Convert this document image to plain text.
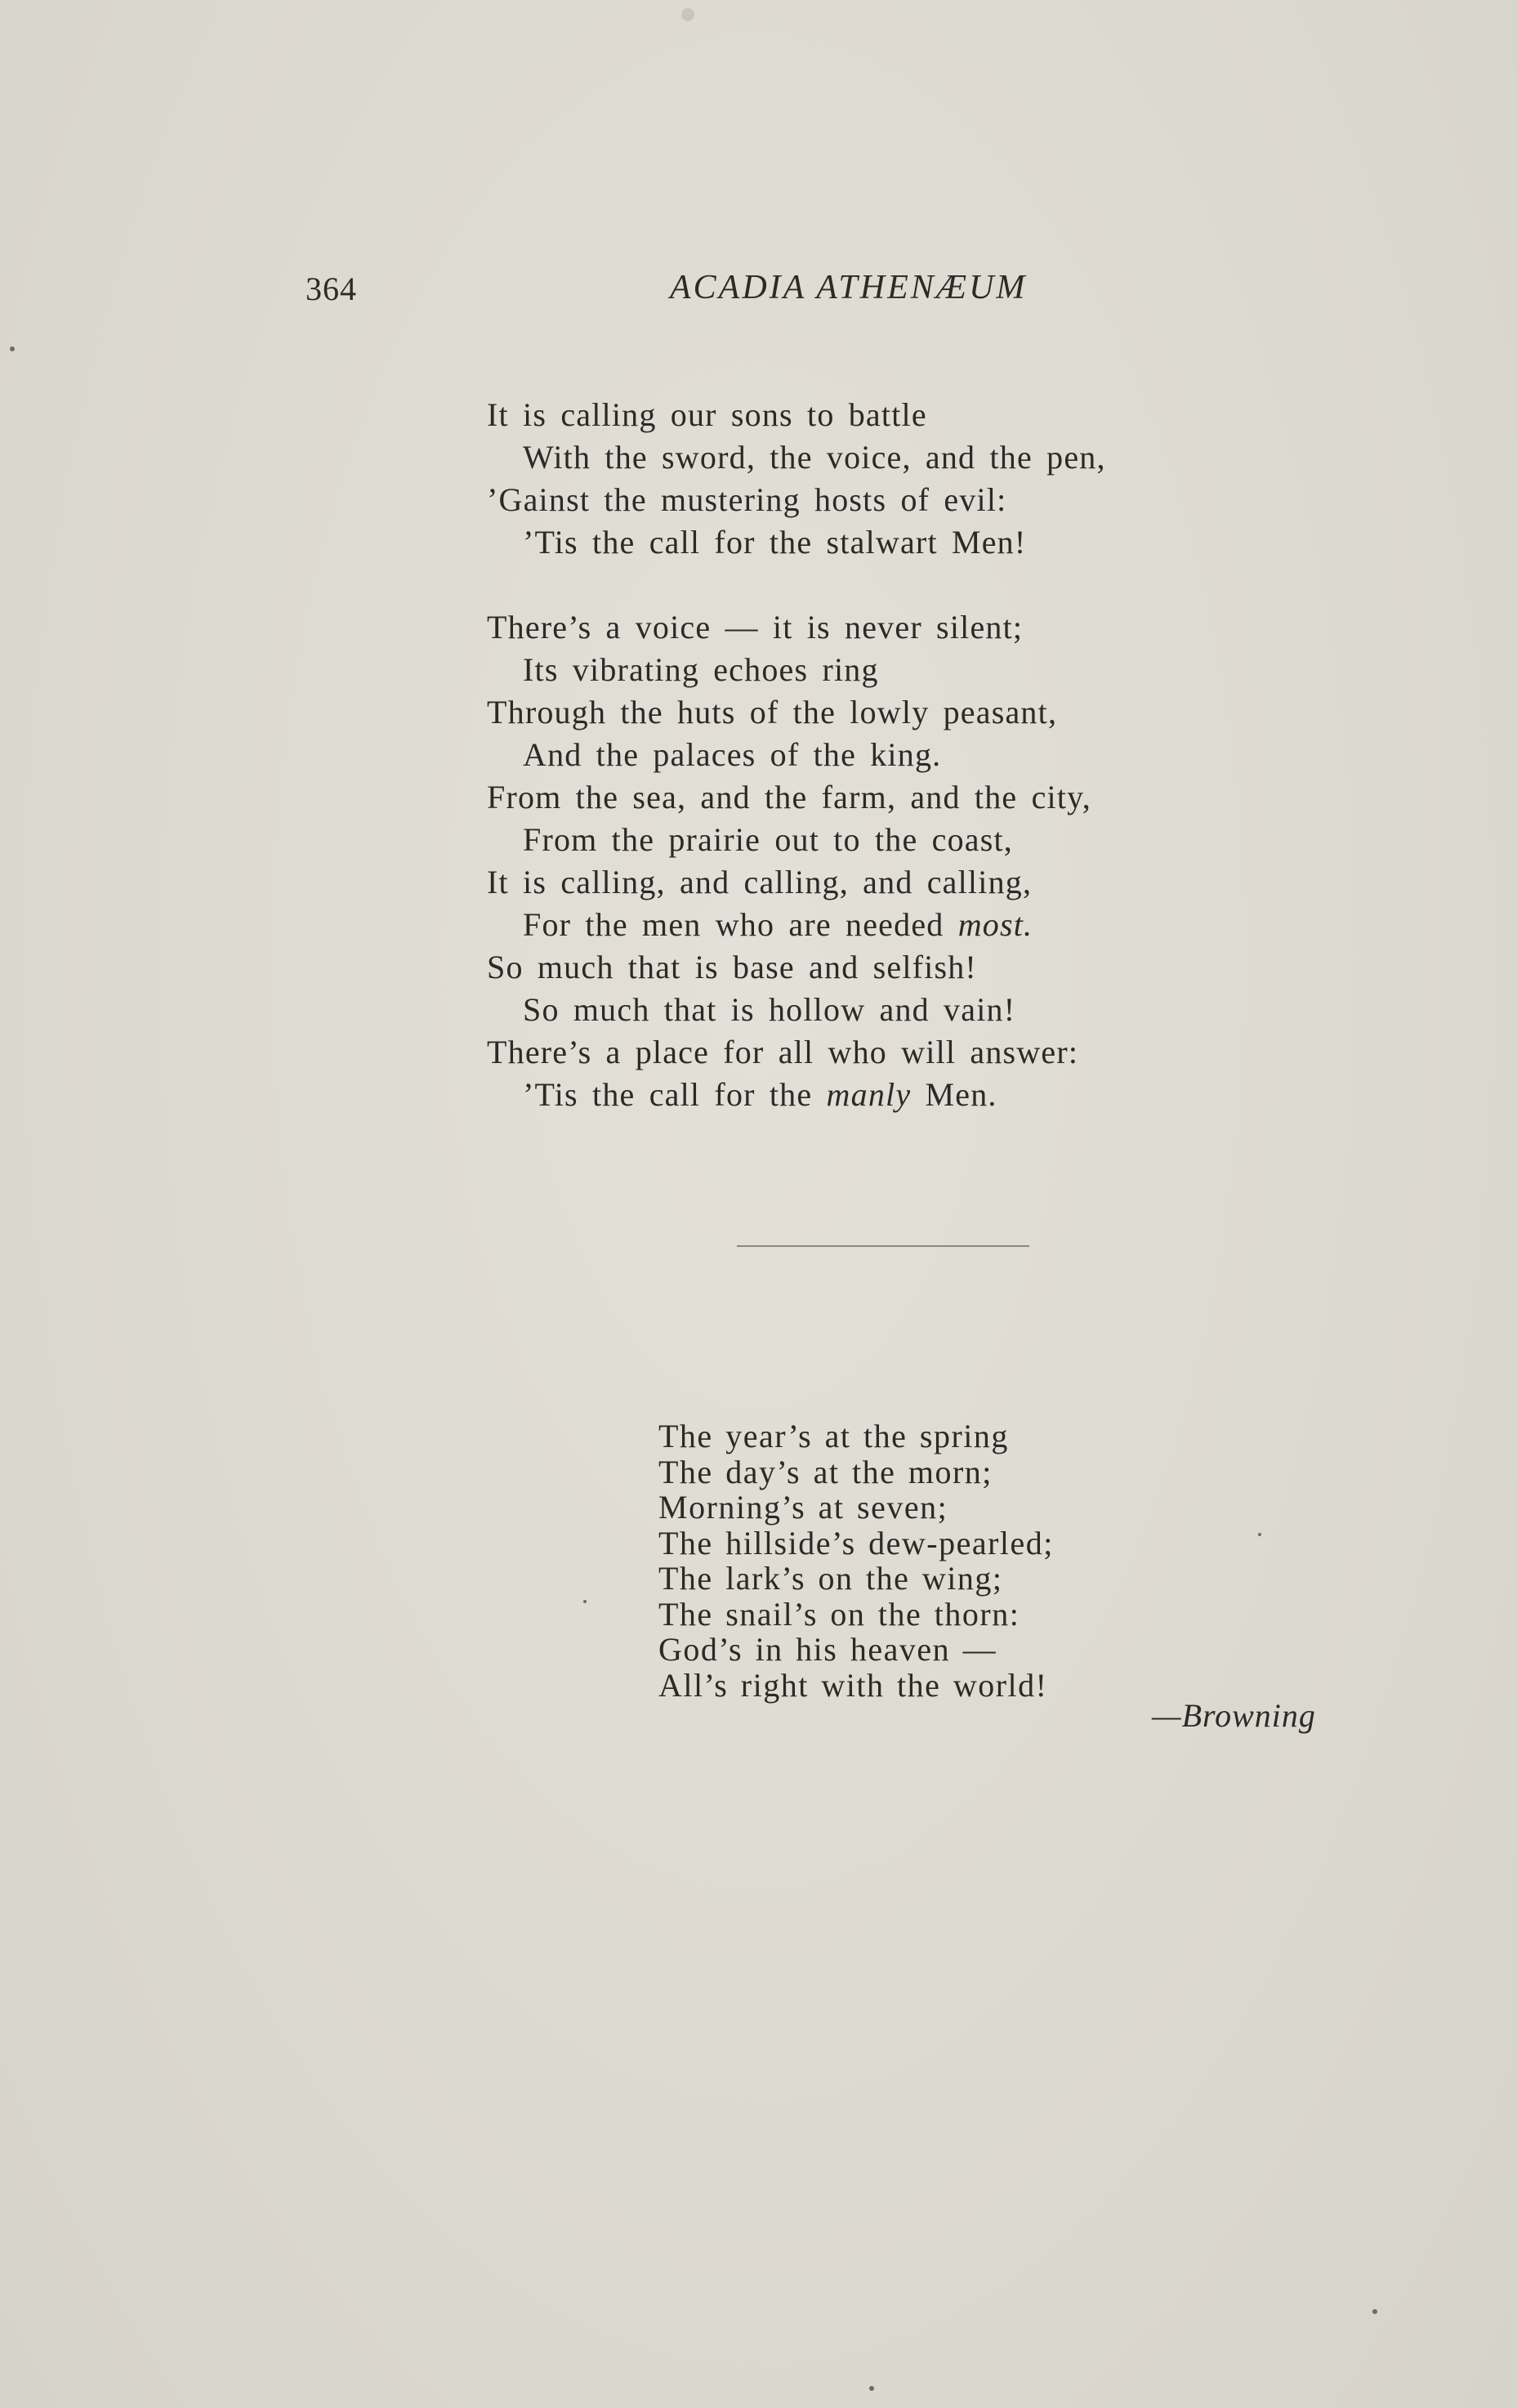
364	ACADIA ATHENÆUM
It is calling our sons to battle
With the sword, the voice, and the pen,
’Gainst the mustering hosts of evil:
’Tis the call for the stalwart Men!
There’s a voice — it is never silent;
Its vibrating echoes ring
Through the huts of the lowly peasant,
And the palaces of the king.
From the sea, and the farm, and the city,
From the prairie out to the coast,
It is calling, and calling, and calling,
For the men who are needed most.
So much that is base and selfish!
So much that is hollow and vain!
There’s a place for all who will answer:
’Tis the call for the manly Men.
The year’s at the spring
The day’s at the morn;
Morning’s at seven;
The hillside’s dew-pearled;
The lark’s on the wing;
The snail’s on the thorn:
God’s in his heaven —
All’s right with the world!
—Browning
